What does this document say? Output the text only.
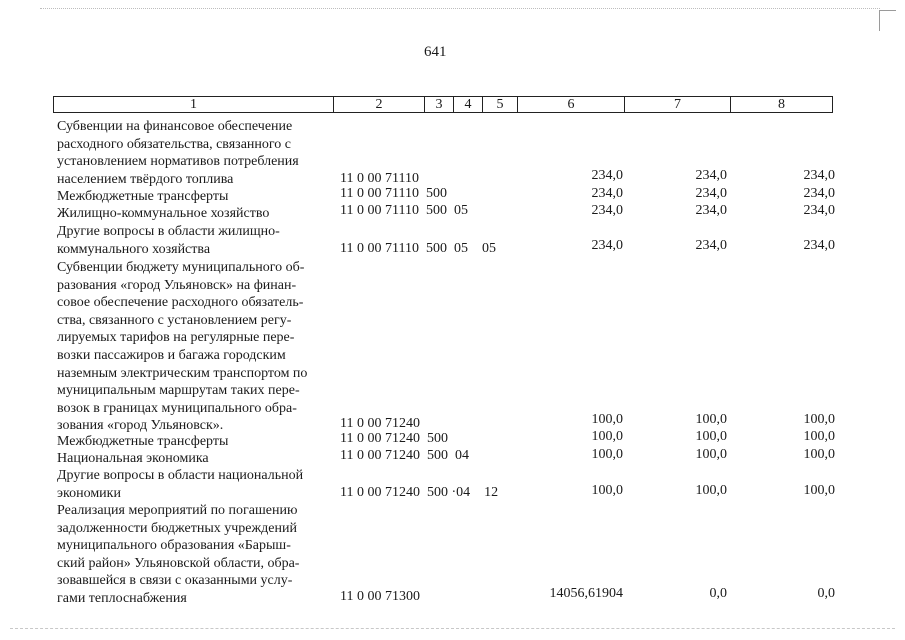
641
1	2	3	4	5	6	7	8
Субвенции на финансовое обеспечение
расходного обязательства, связанного с
установлением нормативов потребления
населением твёрдого топлива	11 0 00 71110	234,0	234,0	234,0
Межбюджетные трансферты	11 0 00 71110  500	234,0	234,0	234,0
Жилищно-коммунальное хозяйство	11 0 00 71110  500  05	234,0	234,0	234,0
Другие вопросы в области жилищно-
коммунального хозяйства	11 0 00 71110  500  05    05	234,0	234,0	234,0
Субвенции бюджету муниципального об-
разования «город Ульяновск» на финан-
совое обеспечение расходного обязатель-
ства, связанного с установлением регу-
лируемых тарифов на регулярные пере-
возки пассажиров и багажа городским
наземным электрическим транспортом по
муниципальным маршрутам таких пере-
возок в границах муниципального обра-
зования «город Ульяновск».	11 0 00 71240	100,0	100,0	100,0
Межбюджетные трансферты	11 0 00 71240  500	100,0	100,0	100,0
Национальная экономика	11 0 00 71240  500  04	100,0	100,0	100,0
Другие вопросы в области национальной
экономики	11 0 00 71240  500 ·04    12	100,0	100,0	100,0
Реализация мероприятий по погашению
задолженности бюджетных учреждений
муниципального образования «Барыш-
ский район» Ульяновской области, обра-
зовавшейся в связи с оказанными услу-
гами теплоснабжения	11 0 00 71300	14056,61904	0,0	0,0
